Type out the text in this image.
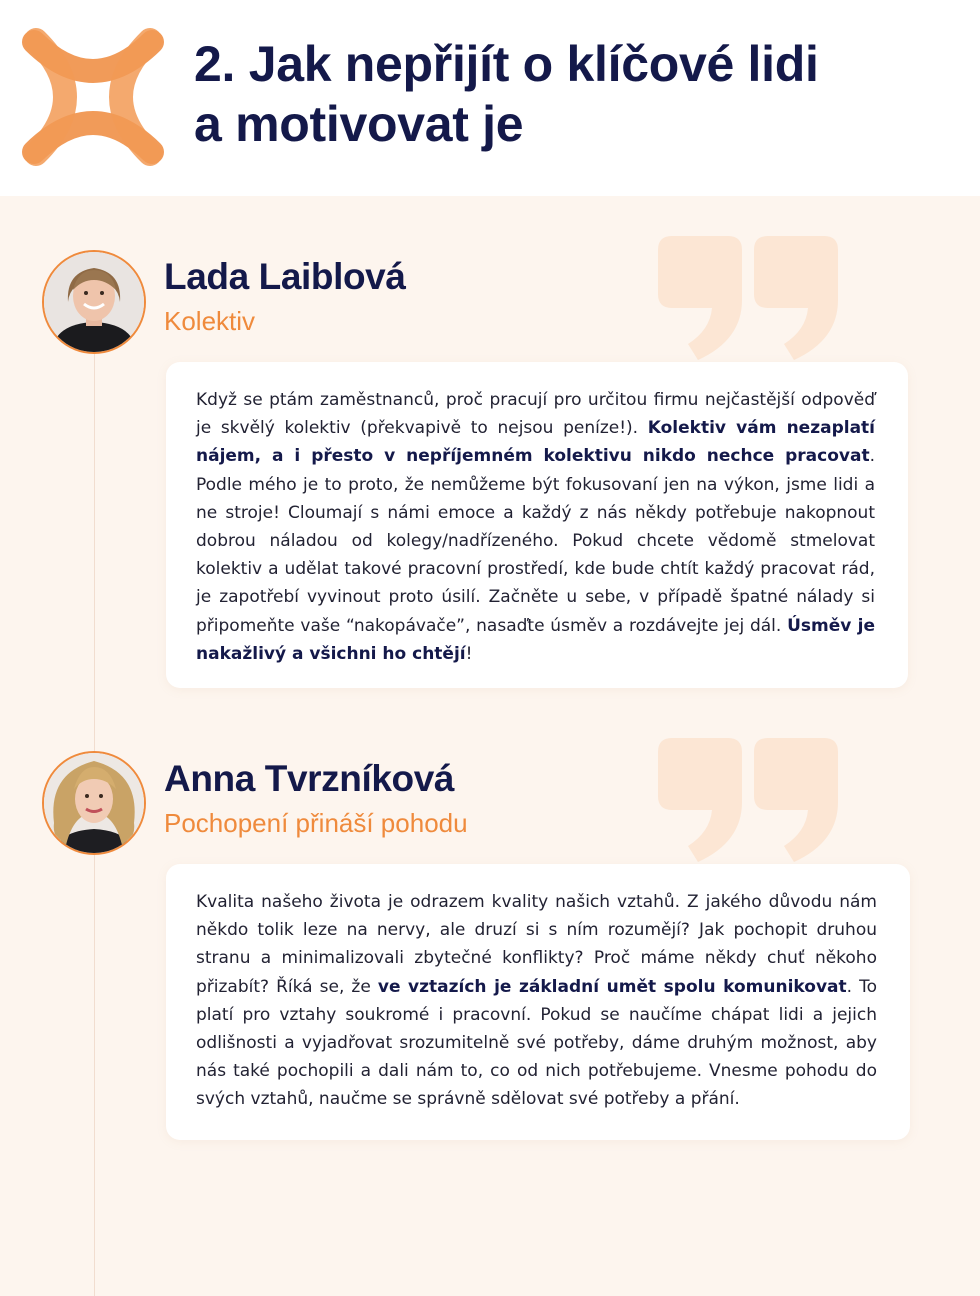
2. Jak nepřijít o klíčové lidi
a motivovat je
Lada Laiblová
Kolektiv
Když se ptám zaměstnanců, proč pracují pro určitou firmu nejčastější odpověď je skvělý kolektiv (překvapivě to nejsou peníze!). Kolektiv vám nezaplatí nájem, a i přesto v nepříjemném kolektivu nikdo nechce pracovat. Podle mého je to proto, že nemůžeme být fokusovaní jen na výkon, jsme lidi a ne stroje! Cloumají s námi emoce a každý z nás někdy potřebuje nakopnout dobrou náladou od kolegy/nadřízeného. Pokud chcete vědomě stmelovat kolektiv a udělat takové pracovní prostředí, kde bude chtít každý pracovat rád, je zapotřebí vyvinout proto úsilí. Začněte u sebe, v případě špatné nálady si připomeňte vaše “nakopávače”, nasaďte úsměv a rozdávejte jej dál. Úsměv je nakažlivý a všichni ho chtějí!
Anna Tvrzníková
Pochopení přináší pohodu
Kvalita našeho života je odrazem kvality našich vztahů. Z jakého důvodu nám někdo tolik leze na nervy, ale druzí si s ním rozumějí? Jak pochopit druhou stranu a minimalizovali zbytečné konflikty? Proč máme někdy chuť někoho přizabít? Říká se, že ve vztazích je základní umět spolu komunikovat. To platí pro vztahy soukromé i pracovní. Pokud se naučíme chápat lidi a jejich odlišnosti a vyjadřovat srozumitelně své potřeby, dáme druhým možnost, aby nás také pochopili a dali nám to, co od nich potřebujeme. Vnesme pohodu do svých vztahů, naučme se správně sdělovat své potřeby a přání.
